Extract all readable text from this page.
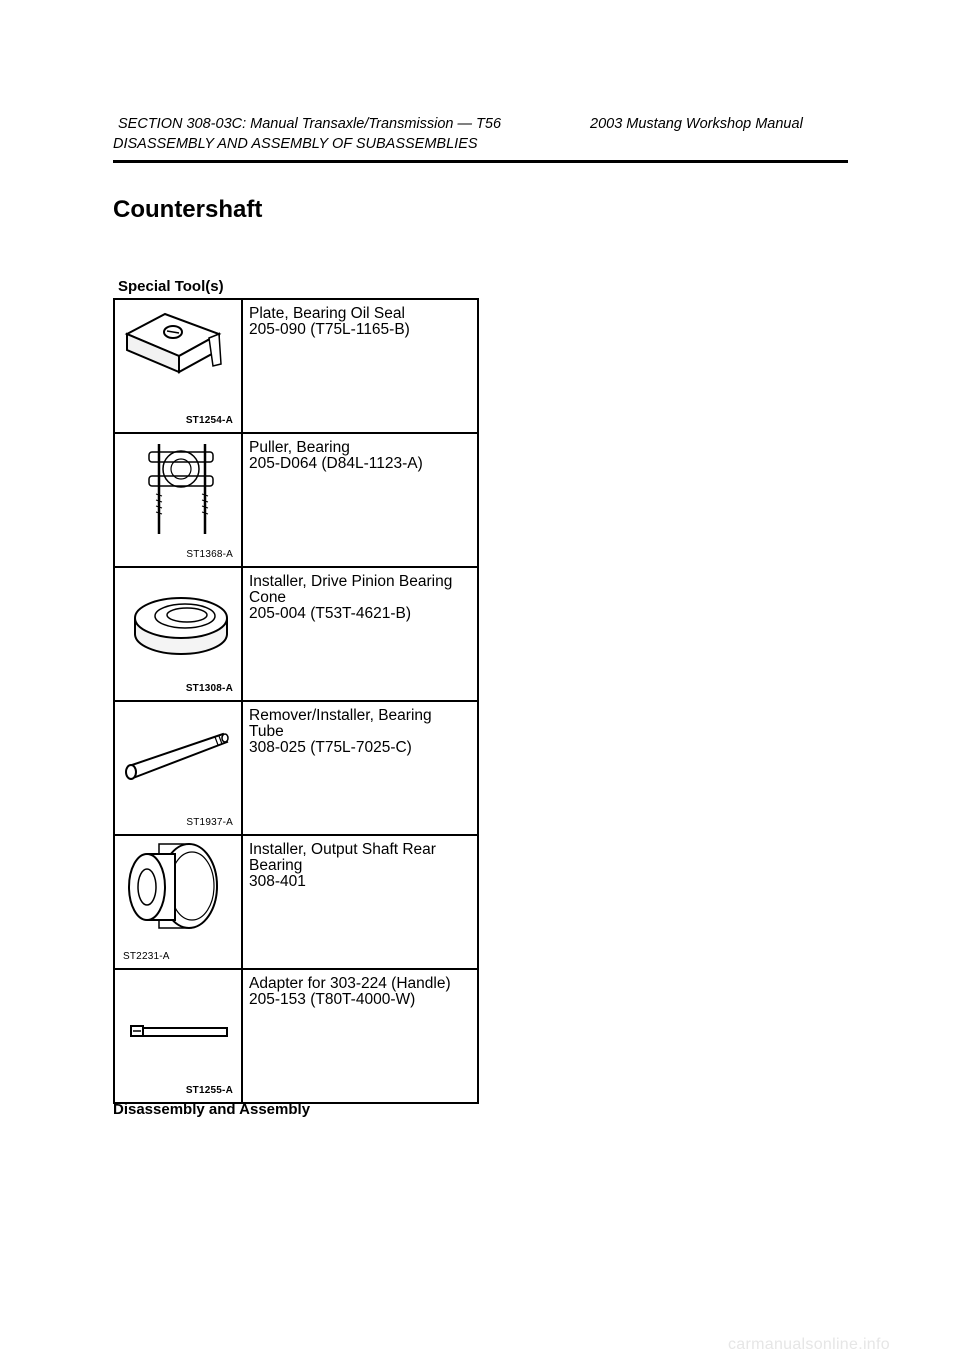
SECTION 308-03C: Manual Transaxle/Transmission — T56	2003 Mustang Workshop Manual
DISASSEMBLY AND ASSEMBLY OF SUBASSEMBLIES
Countershaft
Special Tool(s)
ST1254-A	Plate, Bearing Oil Seal
205-090 (T75L-1165-B)

ST1368-A	Puller, Bearing
205-D064 (D84L-1123-A)

ST1308-A	Installer, Drive Pinion Bearing
Cone
205-004 (T53T-4621-B)

ST1937-A	Remover/Installer, Bearing
Tube
308-025 (T75L-7025-C)

ST2231-A	Installer, Output Shaft Rear
Bearing
308-401

ST1255-A	Adapter for 303-224 (Handle)
205-153 (T80T-4000-W)
Disassembly and Assembly
carmanualsonline.info
